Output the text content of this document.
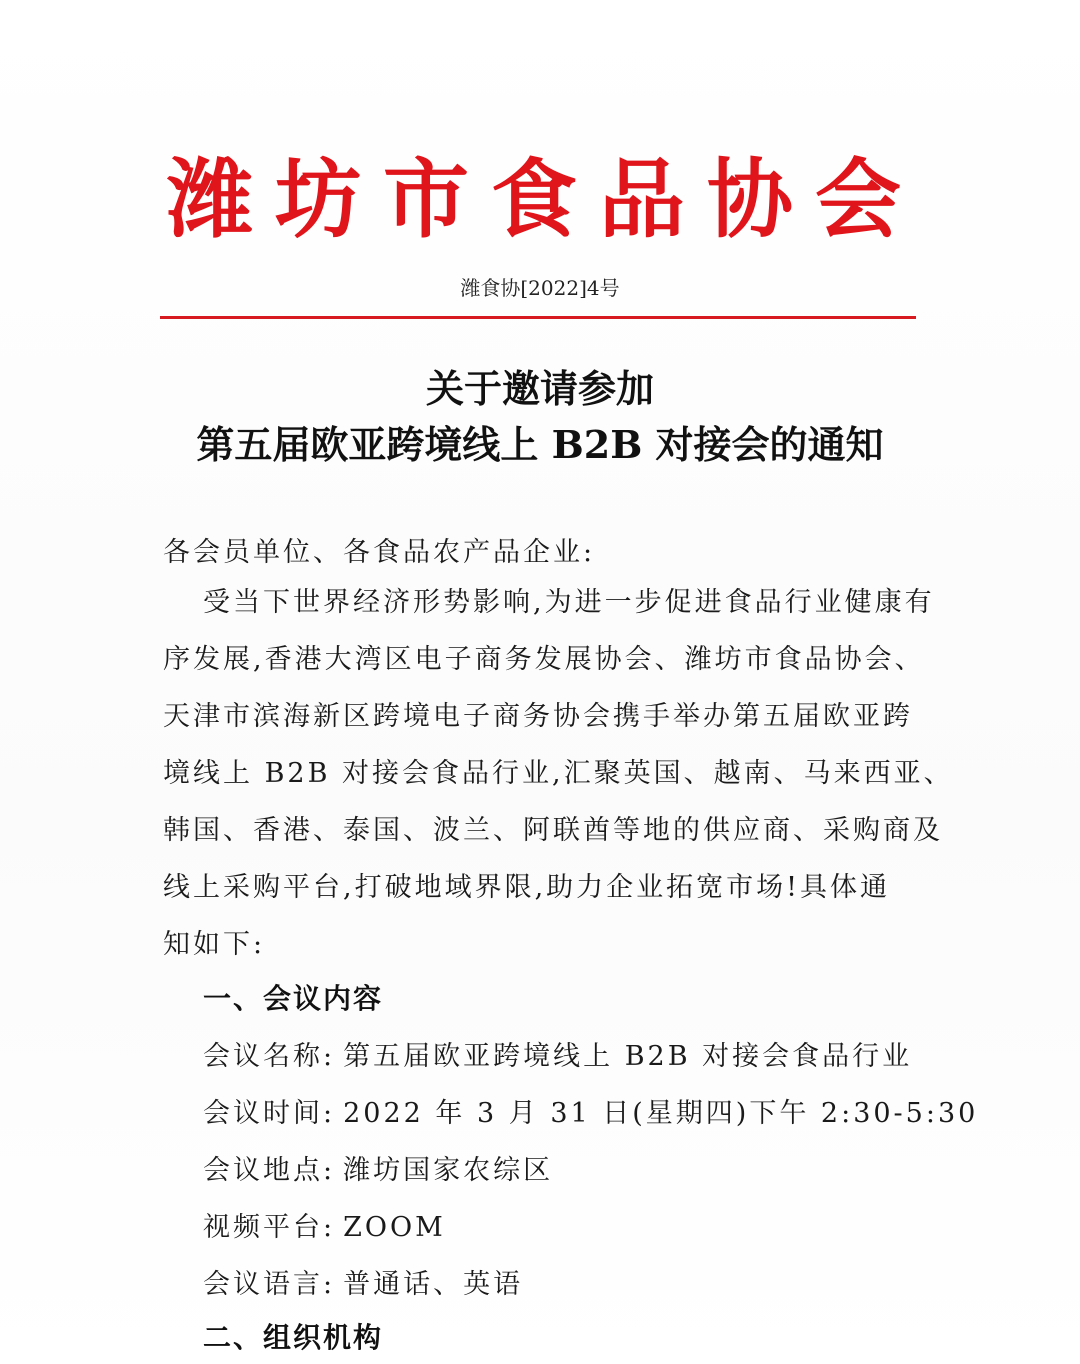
潍坊市食品协会
潍食协[2022]4号
关于邀请参加
第五届欧亚跨境线上 B2B 对接会的通知
各会员单位、各食品农产品企业:
受当下世界经济形势影响,为进一步促进食品行业健康有
序发展,香港大湾区电子商务发展协会、潍坊市食品协会、
天津市滨海新区跨境电子商务协会携手举办第五届欧亚跨
境线上 B2B 对接会食品行业,汇聚英国、越南、马来西亚、
韩国、香港、泰国、波兰、阿联酋等地的供应商、采购商及
线上采购平台,打破地域界限,助力企业拓宽市场!具体通
知如下:
一、会议内容
会议名称: 第五届欧亚跨境线上 B2B 对接会食品行业
会议时间: 2022 年 3 月 31 日(星期四)下午 2:30-5:30
会议地点: 潍坊国家农综区
视频平台: ZOOM
会议语言: 普通话、英语
二、组织机构
